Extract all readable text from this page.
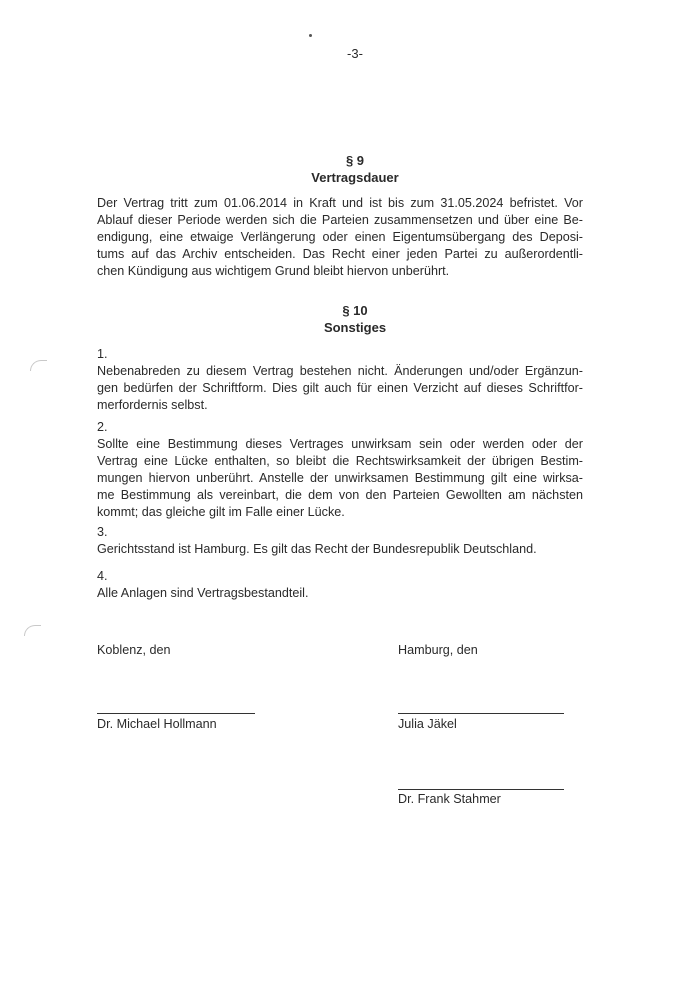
-3-
§ 9
Vertragsdauer
Der Vertrag tritt zum 01.06.2014 in Kraft und ist bis zum 31.05.2024 befristet. Vor
Ablauf dieser Periode werden sich die Parteien zusammensetzen und über eine Be-
endigung, eine etwaige Verlängerung oder einen Eigentumsübergang des Deposi-
tums auf das Archiv entscheiden. Das Recht einer jeden Partei zu außerordentli-
chen Kündigung aus wichtigem Grund bleibt hiervon unberührt.
§ 10
Sonstiges
1.
Nebenabreden zu diesem Vertrag bestehen nicht. Änderungen und/oder Ergänzun-
gen bedürfen der Schriftform. Dies gilt auch für einen Verzicht auf dieses Schriftfor-
merfordernis selbst.
2.
Sollte eine Bestimmung dieses Vertrages unwirksam sein oder werden oder der
Vertrag eine Lücke enthalten, so bleibt die Rechtswirksamkeit der übrigen Bestim-
mungen hiervon unberührt. Anstelle der unwirksamen Bestimmung gilt eine wirksa-
me Bestimmung als vereinbart, die dem von den Parteien Gewollten am nächsten
kommt; das gleiche gilt im Falle einer Lücke.
3.
Gerichtsstand ist Hamburg. Es gilt das Recht der Bundesrepublik Deutschland.
4.
Alle Anlagen sind Vertragsbestandteil.
Koblenz, den	Hamburg, den
Dr. Michael Hollmann	Julia Jäkel
Dr. Frank Stahmer
